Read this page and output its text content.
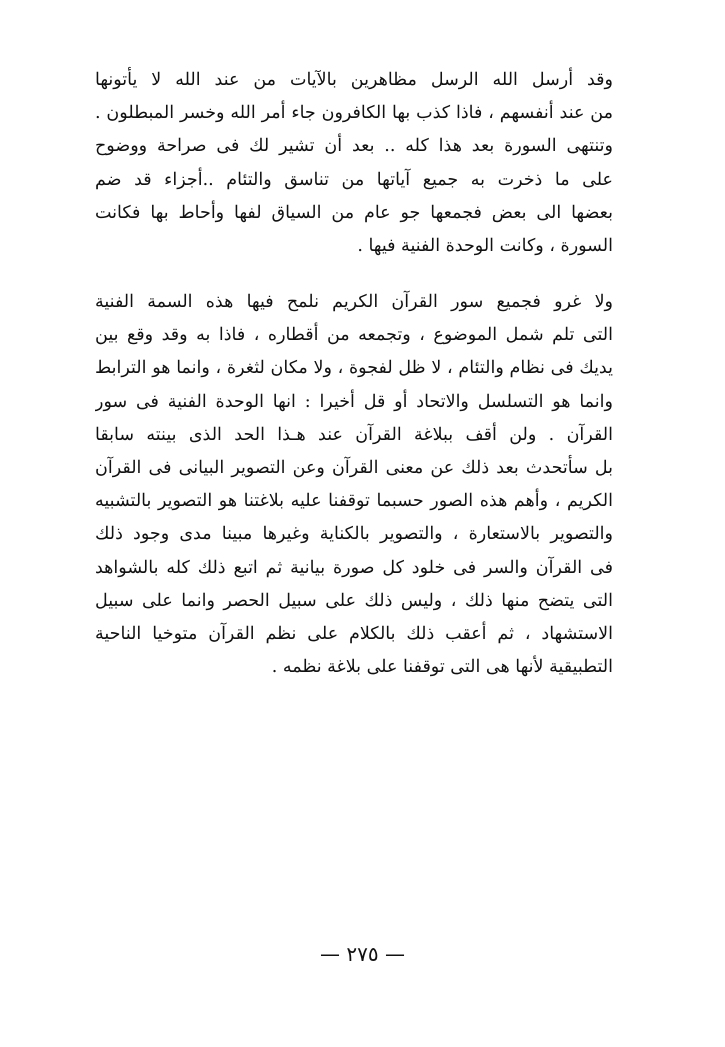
وقد أرسل الله الرسل مظاهرين بالآيات من عند الله لا يأتونها
من عند أنفسهم ، فاذا كذب بها الكافرون جاء أمر الله وخسر المبطلون .
وتنتهى السورة بعد هذا كله .. بعد أن تشير لك فى صراحة ووضوح
على ما ذخرت به جميع آياتها من تناسق والتئام ..أجزاء قد ضم
بعضها الى بعض فجمعها جو عام من السياق لفها وأحاط بها فكانت
السورة ، وكانت الوحدة الفنية فيها .
ولا غرو فجميع سور القرآن الكريم نلمح فيها هذه السمة الفنية
التى تلم شمل الموضوع ، وتجمعه من أقطاره ، فاذا به وقد وقع بين
يديك فى نظام والتئام ، لا ظل لفجوة ، ولا مكان لثغرة ، وانما هو الترابط
وانما هو التسلسل والاتحاد أو قل أخيرا : انها الوحدة الفنية فى سور
القرآن . ولن أقف ببلاغة القرآن عند هـذا الحد الذى بينته سابقا
بل سأتحدث بعد ذلك عن معنى القرآن وعن التصوير البيانى فى القرآن
الكريم ، وأهم هذه الصور حسبما توقفنا عليه بلاغتنا هو التصوير بالتشبيه
والتصوير بالاستعارة ، والتصوير بالكناية وغيرها مبينا مدى وجود ذلك
فى القرآن والسر فى خلود كل صورة بيانية ثم اتبع ذلك كله بالشواهد
التى يتضح منها ذلك ، وليس ذلك على سبيل الحصر وانما على سبيل
الاستشهاد ، ثم أعقب ذلك بالكلام على نظم القرآن متوخيا الناحية
التطبيقية لأنها هى التى توقفنا على بلاغة نظمه .
— ٢٧٥ —
